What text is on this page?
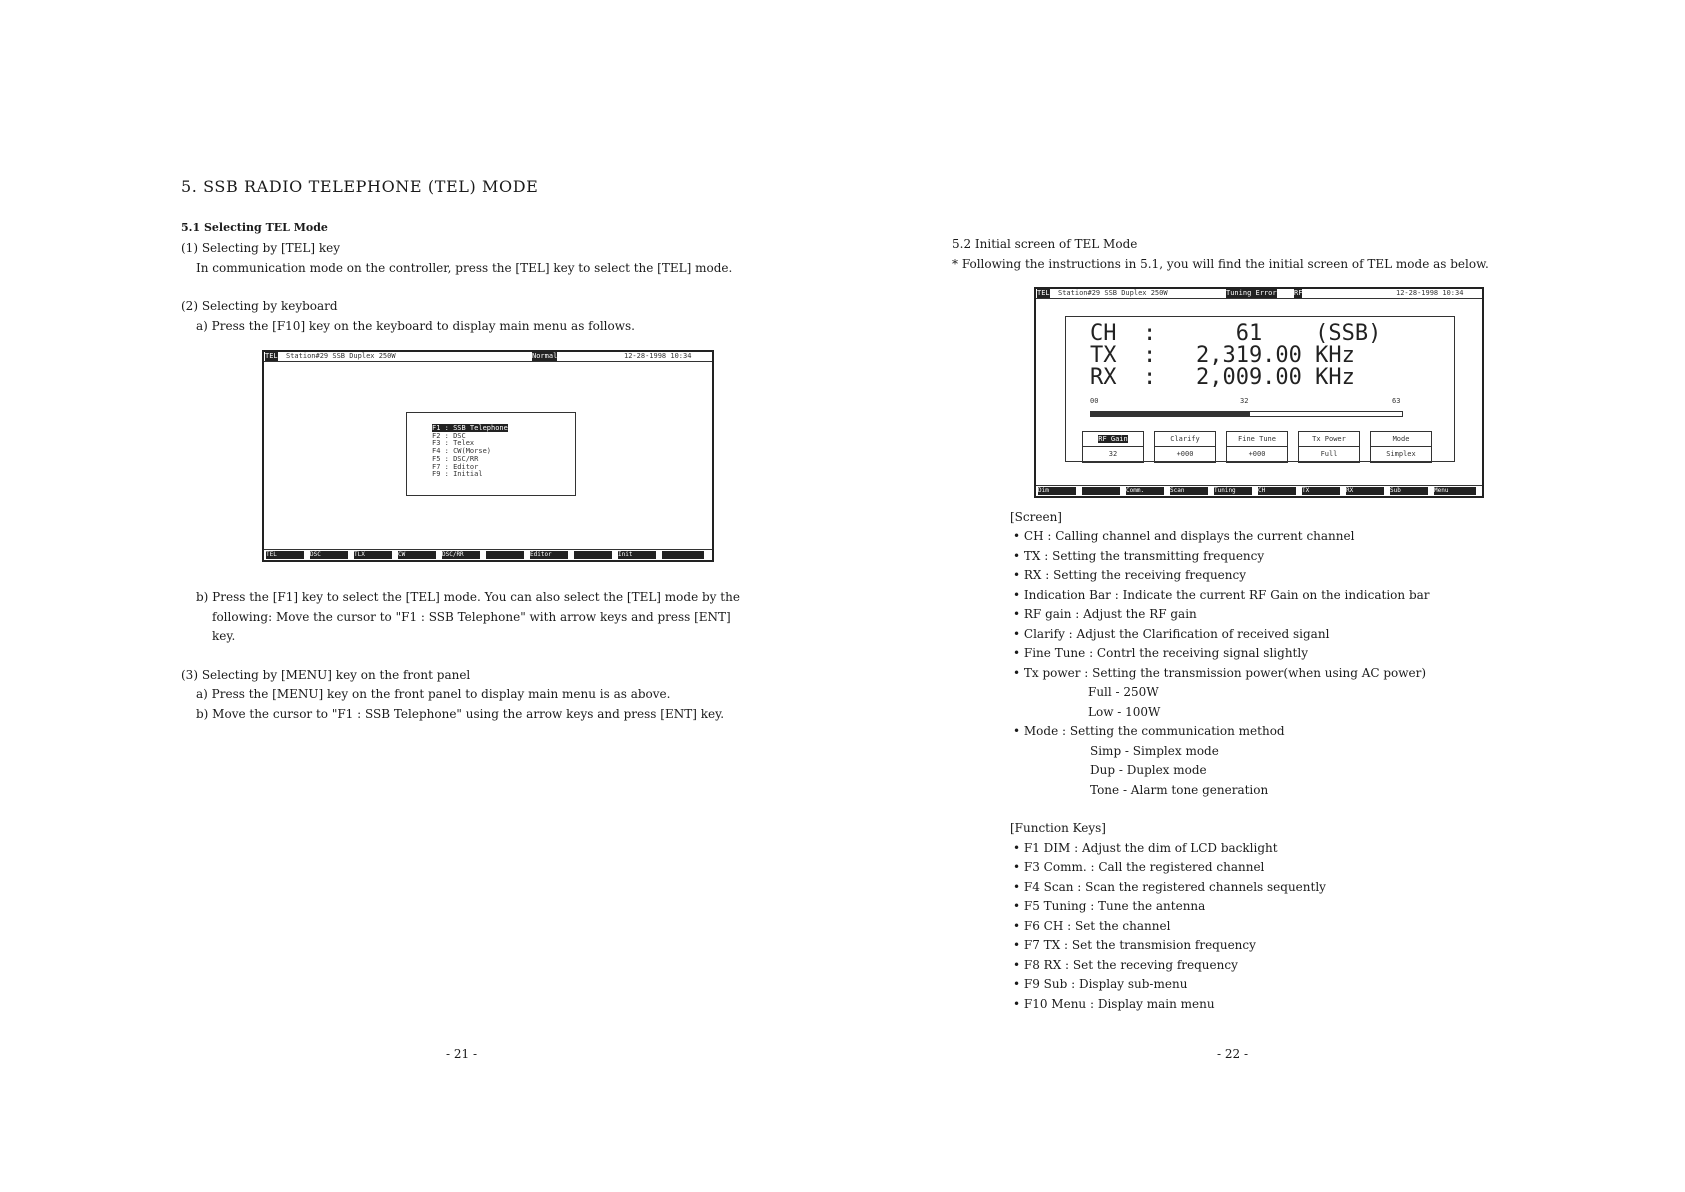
5. SSB RADIO TELEPHONE (TEL) MODE
5.1 Selecting TEL Mode
(1) Selecting by [TEL] key
In communication mode on the controller, press the [TEL] key to select the [TEL] mode.
(2) Selecting by keyboard
a) Press the [F10] key on the keyboard to display main menu as follows.
TEL Station#29 SSB Duplex 250W	Normal	12-28-1998 10:34
F1 : SSB Telephone
F2 : DSC
F3 : Telex
F4 : CW(Morse)
F5 : DSC/RR
F7 : Editor
F9 : Initial
TEL	DSC	TLX	CW	DSC/RR	Editor	Init
b) Press the [F1] key to select the [TEL] mode. You can also select the [TEL] mode by the
following: Move the cursor to "F1 : SSB Telephone" with arrow keys and press [ENT]
key.
(3) Selecting by [MENU] key on the front panel
a) Press the [MENU] key on the front panel to display main menu is as above.
b) Move the cursor to "F1 : SSB Telephone" using the arrow keys and press [ENT] key.
- 21 -
5.2 Initial screen of TEL Mode
* Following the instructions in 5.1, you will find the initial screen of TEL mode as below.
TEL Station#29 SSB Duplex 250W	Tuning Error RF	12-28-1998 10:34
CH  :      61    (SSB)
TX  :   2,319.00 KHz
RX  :   2,009.00 KHz
00	32	63
RF Gain
32
Clarify
+000
Fine Tune
+000
Tx Power
Full
Mode
Simplex
Dim	Comm.	Scan	Tuning	CH	TX	RX	Sub	Menu
[Screen]
• CH : Calling channel and displays the current channel
• TX : Setting the transmitting frequency
• RX : Setting the receiving frequency
• Indication Bar : Indicate the current RF Gain on the indication bar
• RF gain : Adjust the RF gain
• Clarify : Adjust the Clarification of received siganl
• Fine Tune : Contrl the receiving signal slightly
• Tx power : Setting the transmission power(when using AC power)
Full - 250W
Low - 100W
• Mode : Setting the communication method
Simp - Simplex mode
Dup - Duplex mode
Tone - Alarm tone generation
[Function Keys]
• F1 DIM : Adjust the dim of LCD backlight
• F3 Comm. : Call the registered channel
• F4 Scan : Scan the registered channels sequently
• F5 Tuning : Tune the antenna
• F6 CH : Set the channel
• F7 TX : Set the transmision frequency
• F8 RX : Set the receving frequency
• F9 Sub : Display sub-menu
• F10 Menu : Display main menu
- 22 -
